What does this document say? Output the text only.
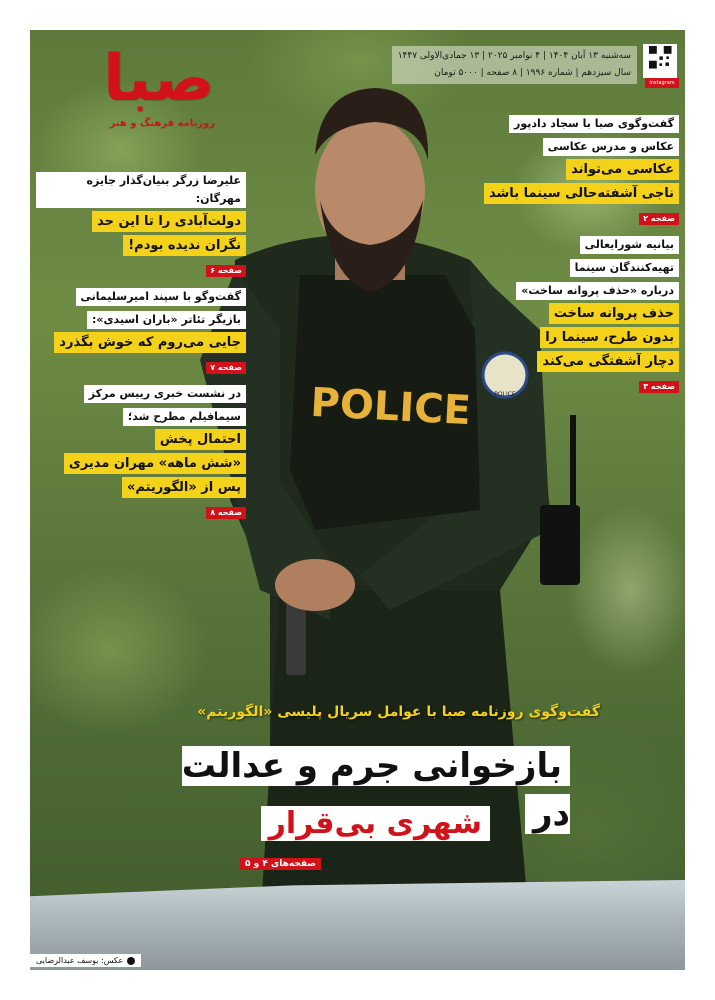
POLICE	POLICE
صبا
روزنامه فرهنگ و هنر
instagram
سه‌شنبه ۱۳ آبان ۱۴۰۴ | ۴ نوامبر ۲۰۲۵ | ۱۳ جمادی‌الاولی ۱۴۴۷
سال سیزدهم | شماره ۱۹۹۶ | ۸ صفحه | ۵۰۰۰ تومان
گفت‌وگوی صبا با سجاد دادپور
عکاس و مدرس عکاسی
عکاسی می‌تواند
ناجی آشفته‌حالی سینما باشد
صفحه ۲
بیانیه شورایعالی
تهیه‌کنندگان سینما
درباره «حذف پروانه ساخت»
حذف پروانه ساخت
بدون طرح، سینما را
دچار آشفتگی می‌کند
صفحه ۳
علیرضا زرگر بنیان‌گذار جایزه مهرگان:
دولت‌آبادی را تا این حد
نگران ندیده بودم!
صفحه ۶
گفت‌وگو با سپند امیرسلیمانی
بازیگر تئاتر «باران اسیدی»:
جایی می‌روم که خوش بگذرد
صفحه ۷
در نشست خبری رییس مرکز
سیمافیلم مطرح شد؛
احتمال پخش
«شش ماهه» مهران مدیری
پس از «الگوریتم»
صفحه ۸
گفت‌وگوی روزنامه صبا با عوامل سریال پلیسی «الگوریتم»
بازخوانی جرم و عدالت در
شهری بی‌قرار
صفحه‌های ۴ و ۵
عکس: یوسف عبدالرضایی
